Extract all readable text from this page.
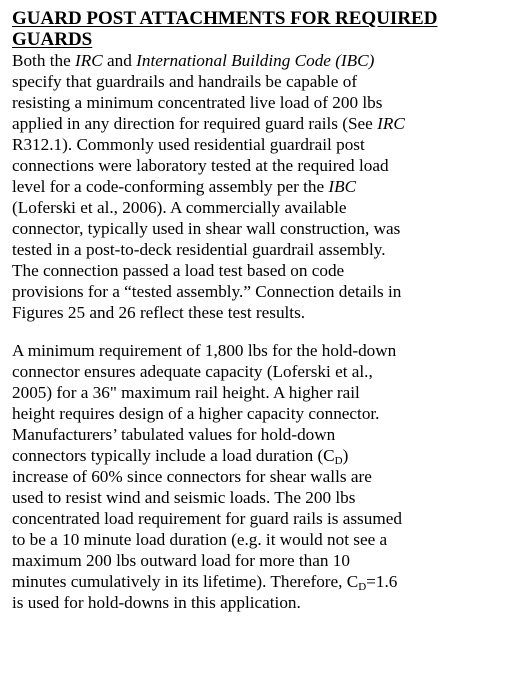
GUARD POST ATTACHMENTS FOR REQUIRED
GUARDS

Both the IRC and International Building Code (IBC)
specify that guardrails and handrails be capable of
resisting a minimum concentrated live load of 200 lbs
applied in any direction for required guard rails (See IRC
R312.1). Commonly used residential guardrail post
connections were laboratory tested at the required load
level for a code-conforming assembly per the IBC
(Loferski et al., 2006). A commercially available
connector, typically used in shear wall construction, was
tested in a post-to-deck residential guardrail assembly.
The connection passed a load test based on code
provisions for a “tested assembly.” Connection details in
Figures 25 and 26 reflect these test results.

A minimum requirement of 1,800 lbs for the hold-down
connector ensures adequate capacity (Loferski et al.,
2005) for a 36" maximum rail height. A higher rail
height requires design of a higher capacity connector.
Manufacturers’ tabulated values for hold-down
connectors typically include a load duration $(C_D)$
increase of 60% since connectors for shear walls are
used to resist wind and seismic loads. The 200 lbs
concentrated load requirement for guard rails is assumed
to be a 10 minute load duration (e.g. it would not see a
maximum 200 lbs outward load for more than 10
minutes cumulatively in its lifetime). Therefore, $C_D=1.6$
is used for hold-downs in this application.
